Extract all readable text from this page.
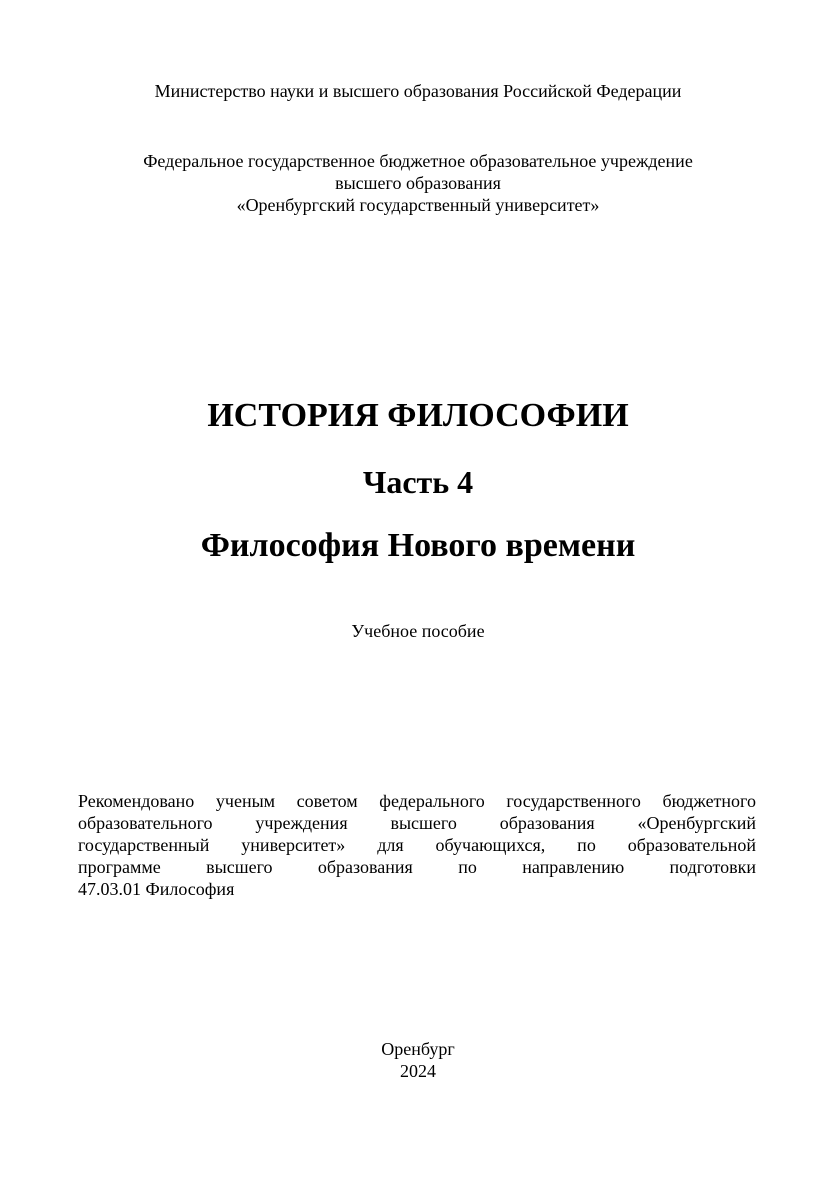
Министерство науки и высшего образования Российской Федерации
Федеральное государственное бюджетное образовательное учреждение
высшего образования
«Оренбургский государственный университет»
ИСТОРИЯ ФИЛОСОФИИ
Часть 4
Философия Нового времени
Учебное пособие
Рекомендовано ученым советом федерального государственного бюджетного
образовательного учреждения высшего образования «Оренбургский
государственный университет» для обучающихся, по образовательной
программе высшего образования по направлению подготовки
47.03.01 Философия
Оренбург
2024
